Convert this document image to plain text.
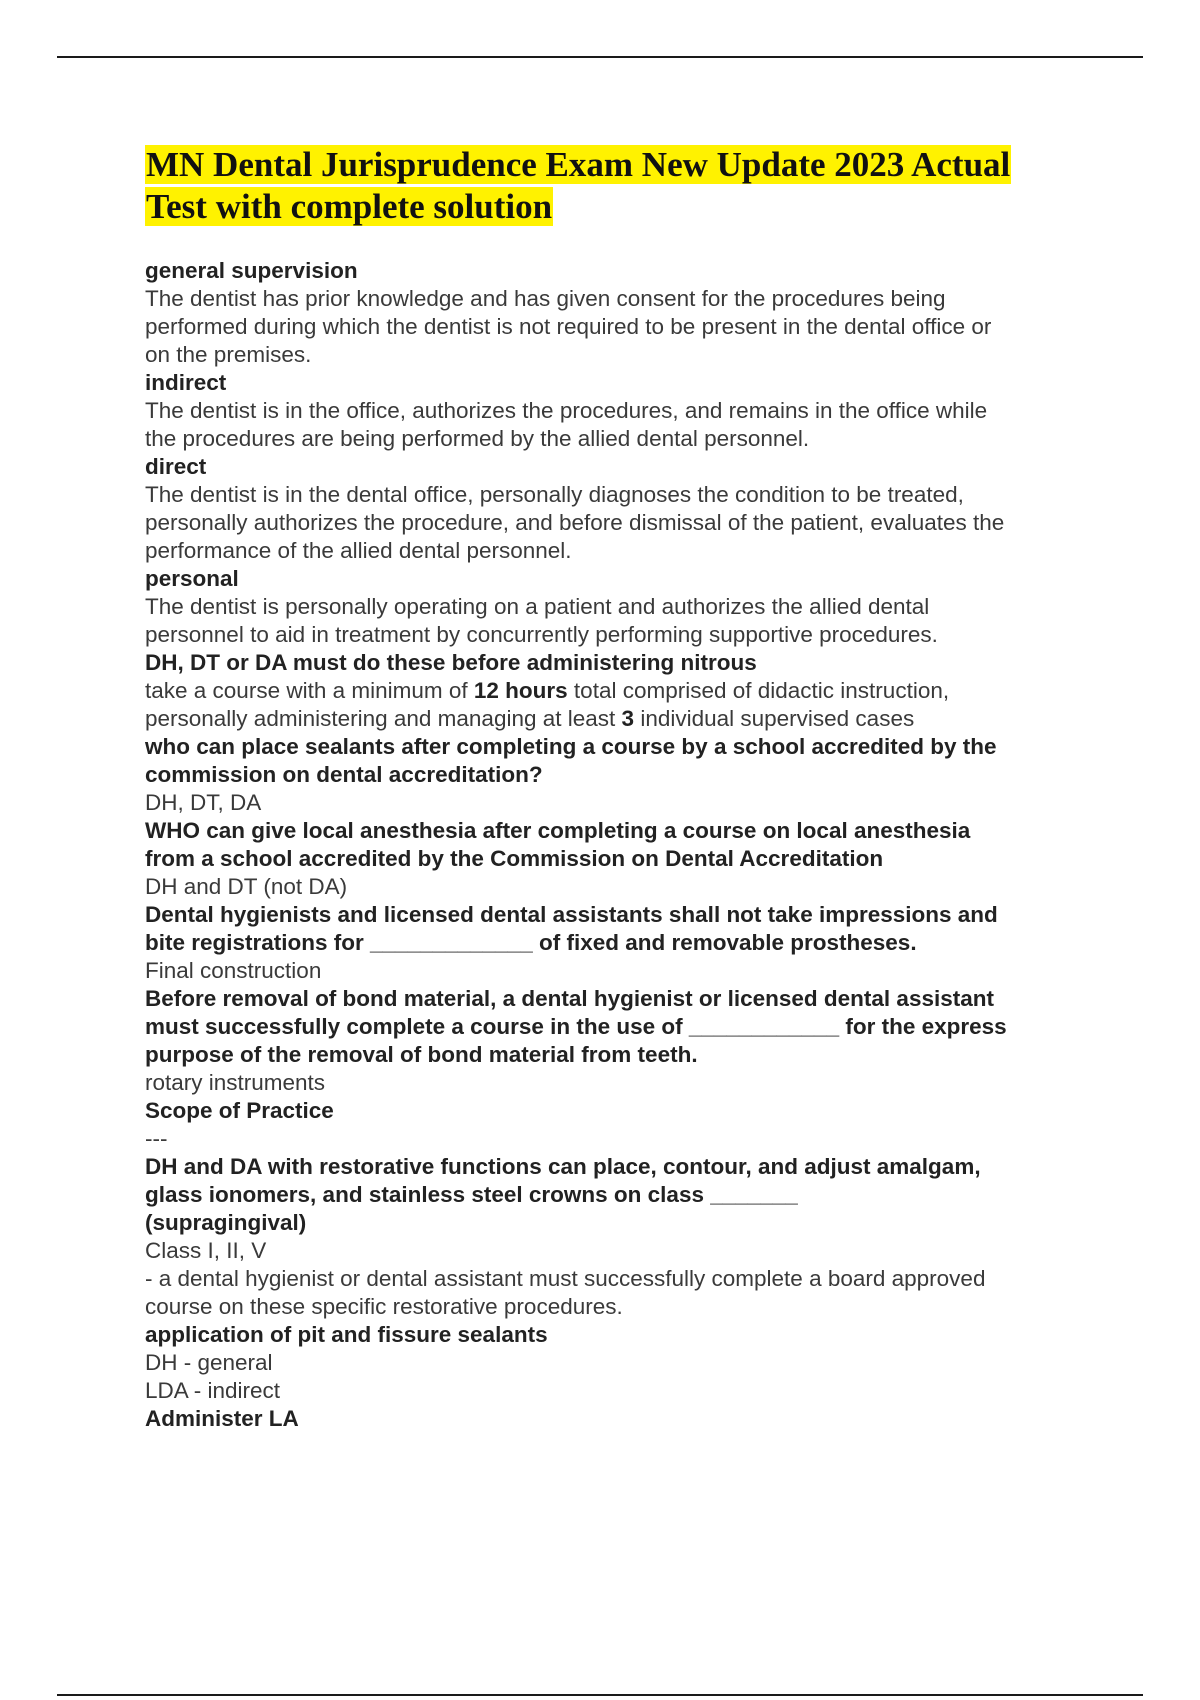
MN Dental Jurisprudence Exam New Update 2023 Actual
Test with complete solution
general supervision
The dentist has prior knowledge and has given consent for the procedures being
performed during which the dentist is not required to be present in the dental office or
on the premises.
indirect
The dentist is in the office, authorizes the procedures, and remains in the office while
the procedures are being performed by the allied dental personnel.
direct
The dentist is in the dental office, personally diagnoses the condition to be treated,
personally authorizes the procedure, and before dismissal of the patient, evaluates the
performance of the allied dental personnel.
personal
The dentist is personally operating on a patient and authorizes the allied dental
personnel to aid in treatment by concurrently performing supportive procedures.
DH, DT or DA must do these before administering nitrous
take a course with a minimum of 12 hours total comprised of didactic instruction,
personally administering and managing at least 3 individual supervised cases
who can place sealants after completing a course by a school accredited by the
commission on dental accreditation?
DH, DT, DA
WHO can give local anesthesia after completing a course on local anesthesia
from a school accredited by the Commission on Dental Accreditation
DH and DT (not DA)
Dental hygienists and licensed dental assistants shall not take impressions and
bite registrations for _____________ of fixed and removable prostheses.
Final construction
Before removal of bond material, a dental hygienist or licensed dental assistant
must successfully complete a course in the use of ____________ for the express
purpose of the removal of bond material from teeth.
rotary instruments
Scope of Practice
---
DH and DA with restorative functions can place, contour, and adjust amalgam,
glass ionomers, and stainless steel crowns on class _______
(supragingival)
Class I, II, V
- a dental hygienist or dental assistant must successfully complete a board approved
course on these specific restorative procedures.
application of pit and fissure sealants
DH - general
LDA - indirect
Administer LA
